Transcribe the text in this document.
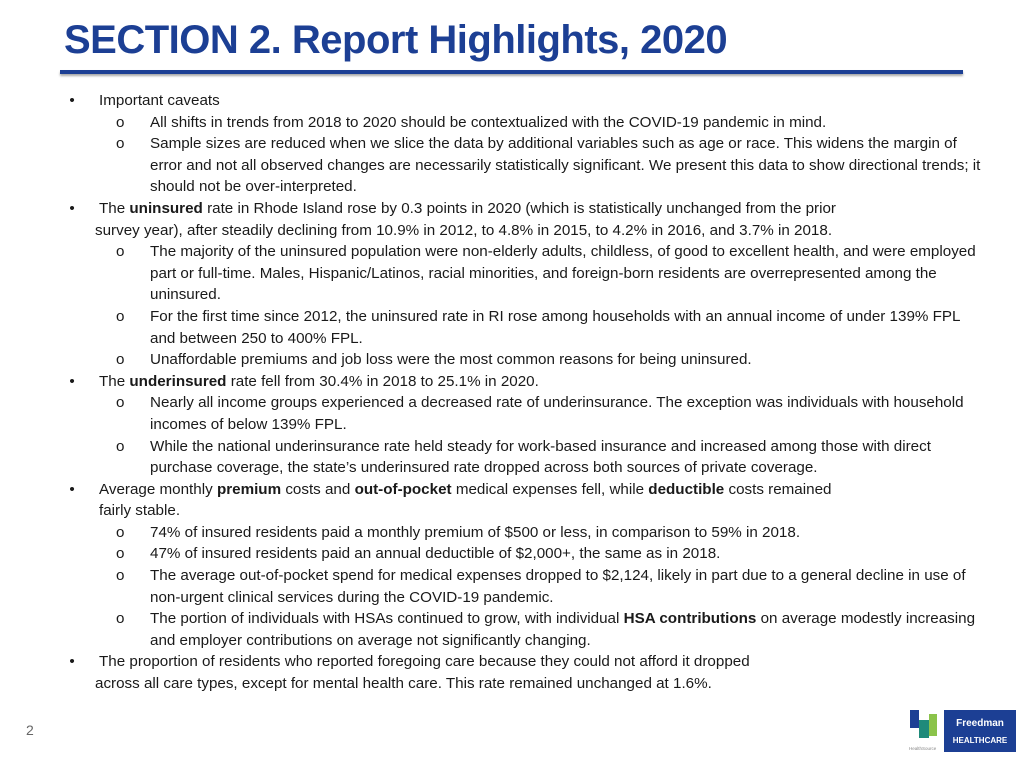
SECTION 2. Report Highlights, 2020

• Important caveats

o All shifts in trends from 2018 to 2020 should be contextualized with the COVID-19 pandemic in mind.

o Sample sizes are reduced when we slice the data by additional variables such as age or race. This widens the margin of error and not all observed changes are necessarily statistically significant. We present this data to show directional trends; it should not be over-interpreted.

• The uninsured rate in Rhode Island rose by 0.3 points in 2020 (which is statistically unchanged from the prior

survey year), after steadily declining from 10.9% in 2012, to 4.8% in 2015, to 4.2% in 2016, and 3.7% in 2018.

o The majority of the uninsured population were non-elderly adults, childless, of good to excellent health, and were employed part or full-time. Males, Hispanic/Latinos, racial minorities, and foreign-born residents are overrepresented among the uninsured.

o For the first time since 2012, the uninsured rate in RI rose among households with an annual income of under 139% FPL and between 250 to 400% FPL.

o Unaffordable premiums and job loss were the most common reasons for being uninsured.

• The underinsured rate fell from 30.4% in 2018 to 25.1% in 2020.

o Nearly all income groups experienced a decreased rate of underinsurance. The exception was individuals with household incomes of below 139% FPL.

o While the national underinsurance rate held steady for work-based insurance and increased among those with direct purchase coverage, the state’s underinsured rate dropped across both sources of private coverage.

• Average monthly premium costs and out-of-pocket medical expenses fell, while deductible costs remained

fairly stable.

o 74% of insured residents paid a monthly premium of $500 or less, in comparison to 59% in 2018.

o 47% of insured residents paid an annual deductible of $2,000+, the same as in 2018.

o The average out-of-pocket spend for medical expenses dropped to $2,124, likely in part due to a general decline in use of non-urgent clinical services during the COVID-19 pandemic.

o The portion of individuals with HSAs continued to grow, with individual HSA contributions on average modestly increasing and employer contributions on average not significantly changing.

• The proportion of residents who reported foregoing care because they could not afford it dropped

across all care types, except for mental health care. This rate remained unchanged at 1.6%.

2
HealthSource
Freedman
HEALTHCARE
